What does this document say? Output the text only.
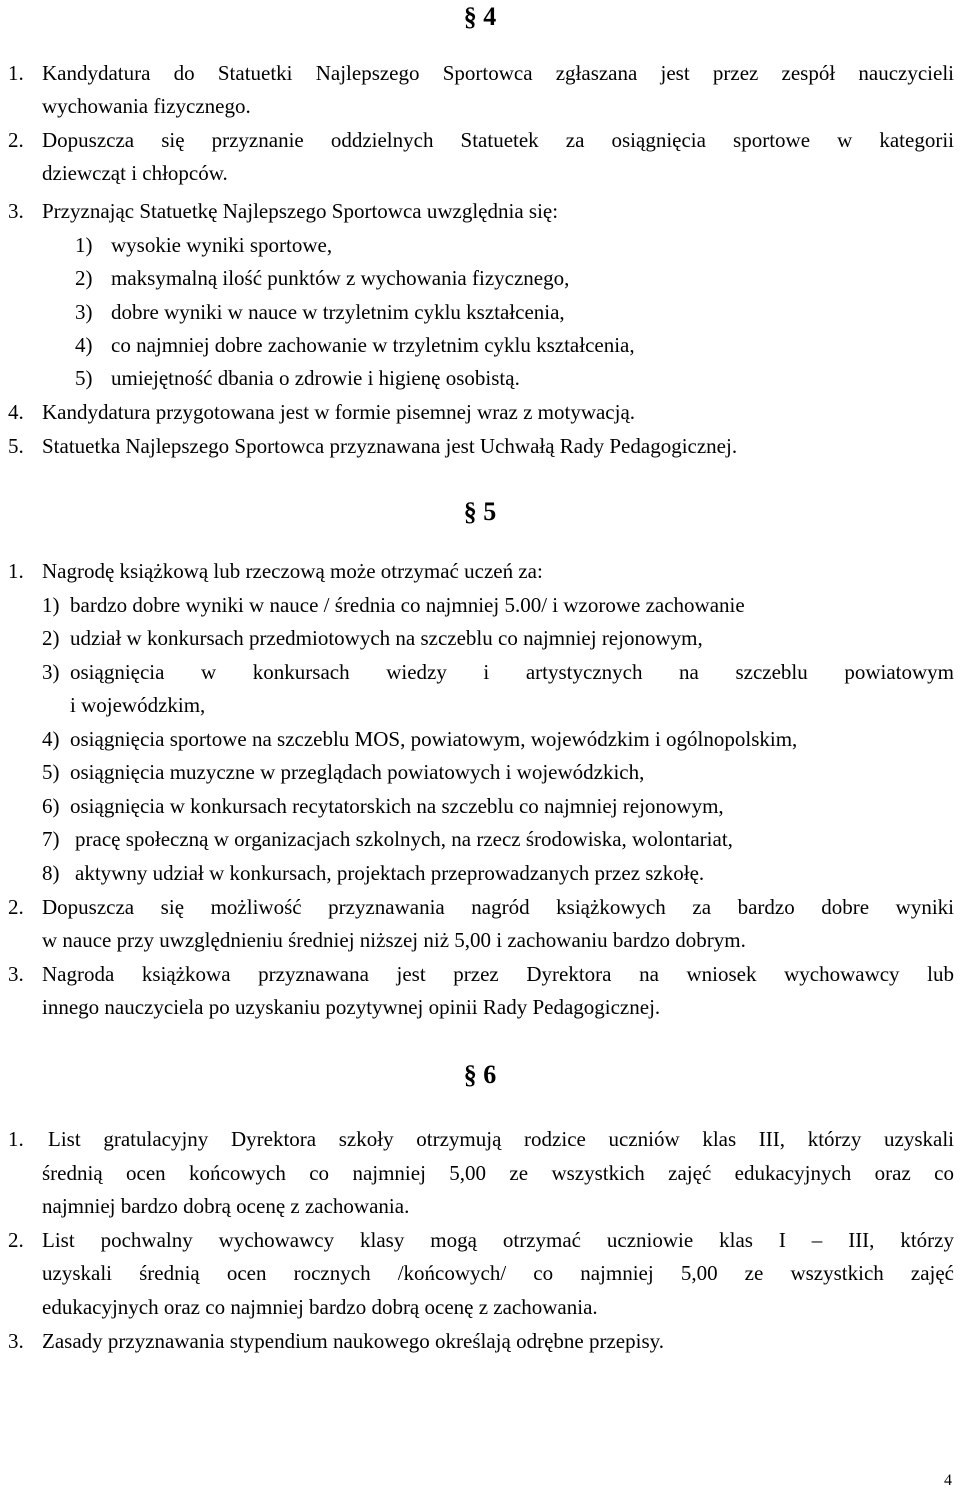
§ 4
1. Kandydatura do Statuetki Najlepszego Sportowca zgłaszana jest przez zespół nauczycieli
wychowania fizycznego.
2. Dopuszcza się przyznanie oddzielnych Statuetek za osiągnięcia sportowe w kategorii
dziewcząt i chłopców.
3. Przyznając Statuetkę Najlepszego Sportowca uwzględnia się:
1) wysokie wyniki sportowe,
2) maksymalną ilość punktów z wychowania fizycznego,
3) dobre wyniki w nauce w trzyletnim cyklu kształcenia,
4) co najmniej dobre zachowanie w trzyletnim cyklu kształcenia,
5) umiejętność dbania o zdrowie i higienę osobistą.
4. Kandydatura przygotowana jest w formie pisemnej wraz z motywacją.
5. Statuetka Najlepszego Sportowca przyznawana jest Uchwałą Rady Pedagogicznej.
§ 5
1. Nagrodę książkową lub rzeczową może otrzymać uczeń za:
1) bardzo dobre wyniki w nauce / średnia co najmniej 5.00/ i wzorowe zachowanie
2) udział w konkursach przedmiotowych na szczeblu co najmniej rejonowym,
3) osiągnięcia w konkursach wiedzy i artystycznych na szczeblu powiatowym
i wojewódzkim,
4) osiągnięcia sportowe na szczeblu MOS, powiatowym, wojewódzkim i ogólnopolskim,
5) osiągnięcia muzyczne w przeglądach powiatowych i wojewódzkich,
6) osiągnięcia w konkursach recytatorskich na szczeblu co najmniej rejonowym,
7) pracę społeczną w organizacjach szkolnych, na rzecz środowiska, wolontariat,
8) aktywny udział w konkursach, projektach przeprowadzanych przez szkołę.
2. Dopuszcza się możliwość przyznawania nagród książkowych za bardzo dobre wyniki
w nauce przy uwzględnieniu średniej niższej niż 5,00 i zachowaniu bardzo dobrym.
3. Nagroda książkowa przyznawana jest przez Dyrektora na wniosek wychowawcy lub
innego nauczyciela po uzyskaniu pozytywnej opinii Rady Pedagogicznej.
§ 6
1. List gratulacyjny Dyrektora szkoły otrzymują rodzice uczniów klas III, którzy uzyskali
średnią ocen końcowych co najmniej 5,00 ze wszystkich zajęć edukacyjnych oraz co
najmniej bardzo dobrą ocenę z zachowania.
2. List pochwalny wychowawcy klasy mogą otrzymać uczniowie klas I – III, którzy
uzyskali średnią ocen rocznych /końcowych/ co najmniej 5,00 ze wszystkich zajęć
edukacyjnych oraz co najmniej bardzo dobrą ocenę z zachowania.
3. Zasady przyznawania stypendium naukowego określają odrębne przepisy.
4
